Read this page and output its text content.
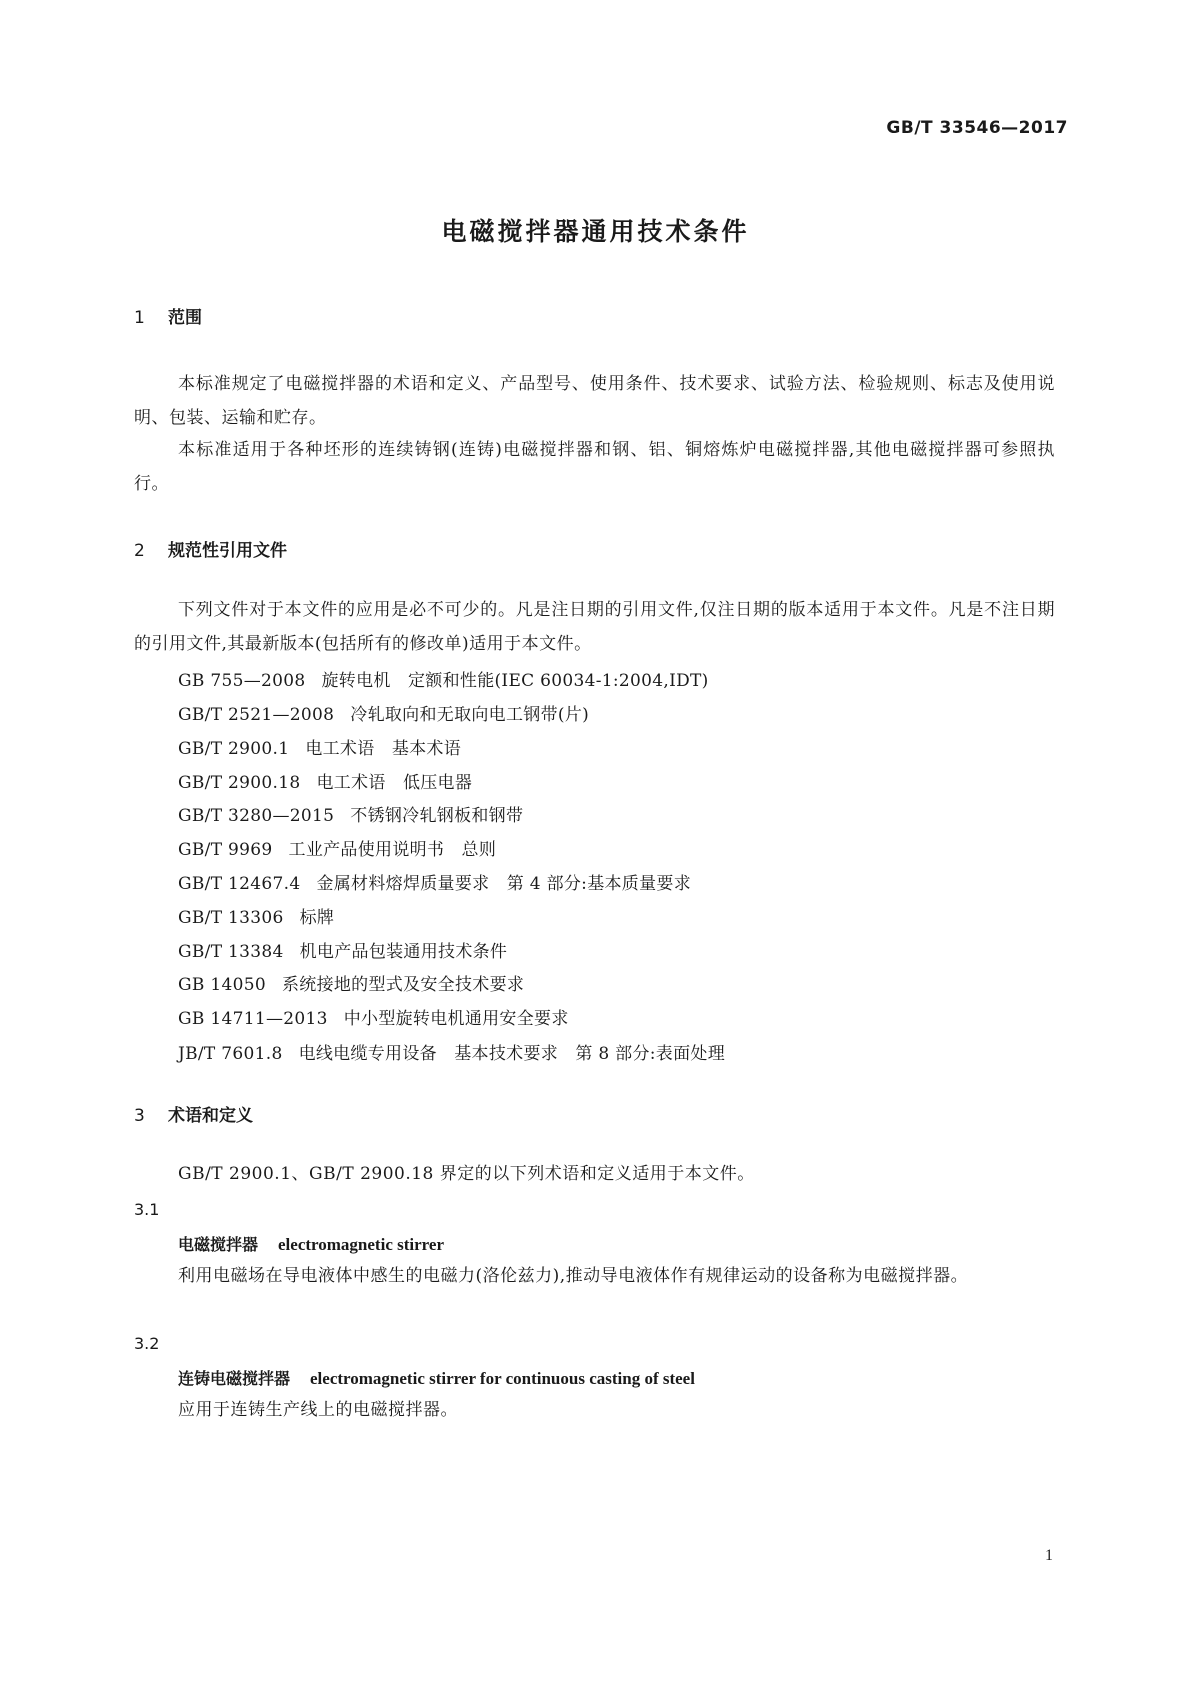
GB/T 33546—2017
电磁搅拌器通用技术条件
1 范围
本标准规定了电磁搅拌器的术语和定义、产品型号、使用条件、技术要求、试验方法、检验规则、标志及使用说明、包装、运输和贮存。
本标准适用于各种坯形的连续铸钢(连铸)电磁搅拌器和钢、铝、铜熔炼炉电磁搅拌器,其他电磁搅拌器可参照执行。
2 规范性引用文件
下列文件对于本文件的应用是必不可少的。凡是注日期的引用文件,仅注日期的版本适用于本文件。凡是不注日期的引用文件,其最新版本(包括所有的修改单)适用于本文件。
GB 755—2008 旋转电机　定额和性能(IEC 60034-1:2004,IDT)
GB/T 2521—2008 冷轧取向和无取向电工钢带(片)
GB/T 2900.1 电工术语　基本术语
GB/T 2900.18 电工术语　低压电器
GB/T 3280—2015 不锈钢冷轧钢板和钢带
GB/T 9969 工业产品使用说明书　总则
GB/T 12467.4 金属材料熔焊质量要求　第 4 部分:基本质量要求
GB/T 13306 标牌
GB/T 13384 机电产品包装通用技术条件
GB 14050 系统接地的型式及安全技术要求
GB 14711—2013 中小型旋转电机通用安全要求
JB/T 7601.8 电线电缆专用设备　基本技术要求　第 8 部分:表面处理
3 术语和定义
GB/T 2900.1、GB/T 2900.18 界定的以下列术语和定义适用于本文件。
3.1
电磁搅拌器 electromagnetic stirrer
利用电磁场在导电液体中感生的电磁力(洛伦兹力),推动导电液体作有规律运动的设备称为电磁搅拌器。
3.2
连铸电磁搅拌器 electromagnetic stirrer for continuous casting of steel
应用于连铸生产线上的电磁搅拌器。
1
